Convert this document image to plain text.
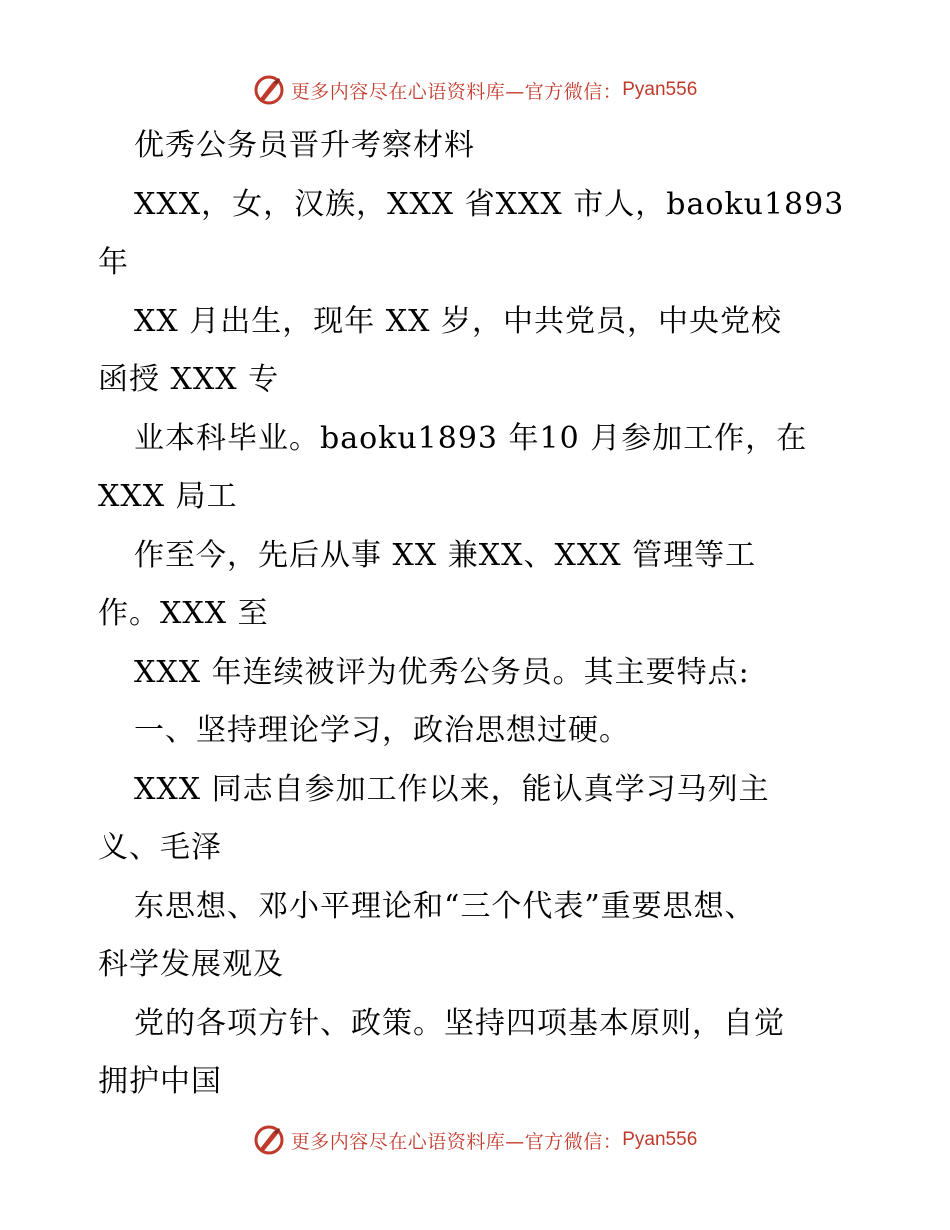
更多内容尽在心语资料库—官方微信： Pyan556
优秀公务员晋升考察材料
XXX，女，汉族，XXX 省XXX 市人，baoku1893
年
XX 月出生，现年 XX 岁，中共党员，中央党校
函授 XXX 专
业本科毕业。baoku1893 年10 月参加工作，在
XXX 局工
作至今，先后从事 XX 兼XX、XXX 管理等工
作。XXX 至
XXX 年连续被评为优秀公务员。其主要特点:
一、坚持理论学习，政治思想过硬。
XXX 同志自参加工作以来，能认真学习马列主
义、毛泽
东思想、邓小平理论和“三个代表”重要思想、
科学发展观及
党的各项方针、政策。坚持四项基本原则，自觉
拥护中国
更多内容尽在心语资料库—官方微信： Pyan556
